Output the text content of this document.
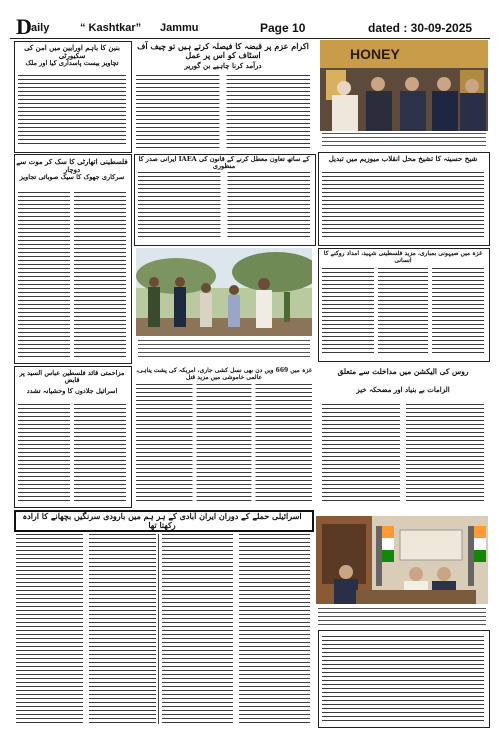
D aily	“ Kashtkar” Jammu	Page 10	dated : 30-09-2025
بنین کا باہم اورایین میں امن کی سکیورٹی
تچاویز بیست پاسداری کیا اور ملک
اکرام عزم پر قبضہ کا فیصلہ کرتے ہیں تو چیف آف اسٹاف کو اس پر عمل
درآمد کرنا چاہیے بن گوریر
HONEY
فلسطینی اتھارٹی کا سک کر موت سے دوچار
سرکاری جھوک کا سیک صوبائی تجاویز
ایرانی صدر کا IAEA کے ساتھ تعاون معطل کرنے کے قانون کی منظوری
شیخ حسینہ کا تشیخ محل انقلاب میوزیم میں تبدیل
غزہ میں صیہونی بمباری، مزید فلسطینی شہید، امداد روکنے کا انسانی
مزاحمتی قائد فلسطین عباس السید پر قابض
اسرائیل جلادوں کا وحشیانہ تشدد
غزہ میں 669 ویں دن بھی نسل کشی جاری، امریکہ کی پشت پناہی، عالمی خاموشی میں مزید قتل
روس کی الیکشن میں مداخلت سے متعلق
الزامات بے بنیاد اور مضحکہ خیز
اسرائیلی حملے کے دوران ایران آبادی کے ہر ہم میں بارودی سرنگیں بچھانے کا ارادہ رکھتا تھا
